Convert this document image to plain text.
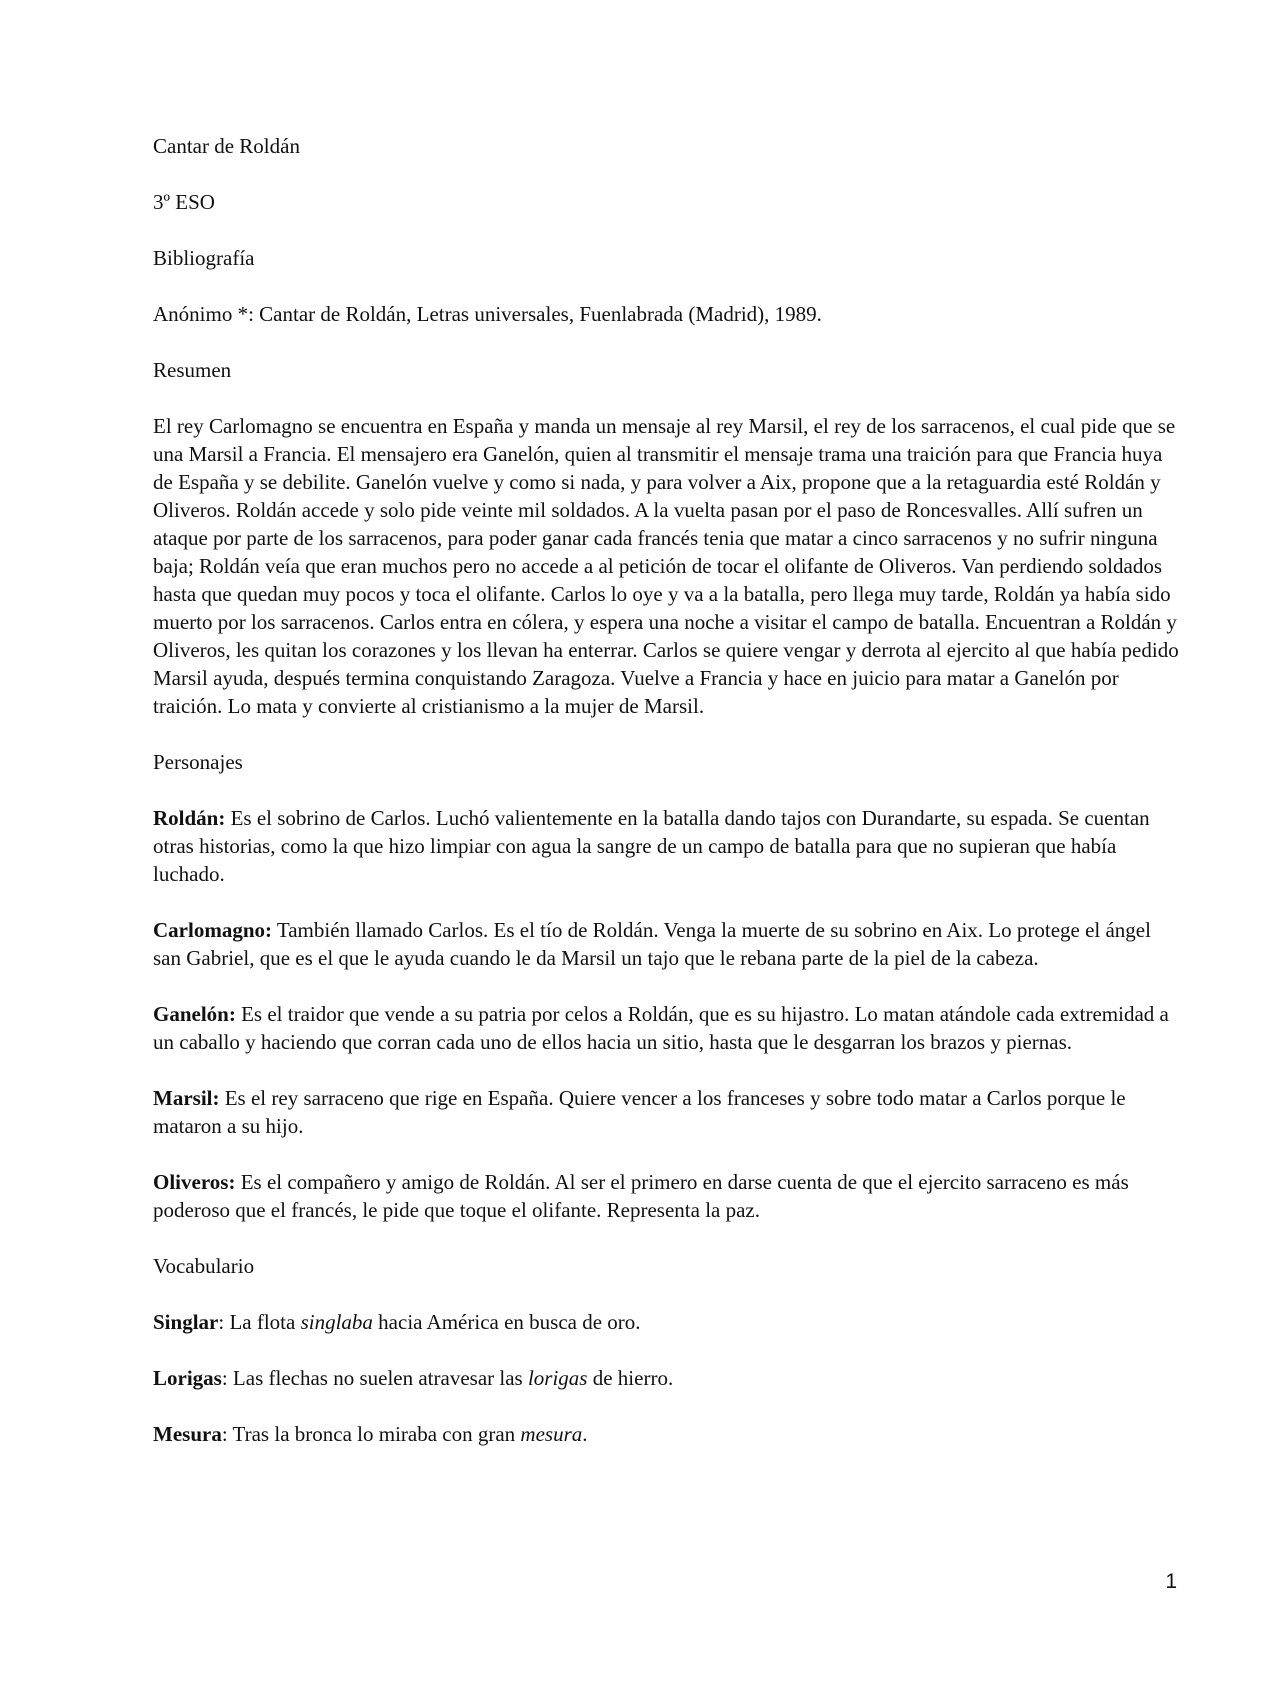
Cantar de Roldán

3º ESO

Bibliografía

Anónimo *: Cantar de Roldán, Letras universales, Fuenlabrada (Madrid), 1989.

Resumen

El rey Carlomagno se encuentra en España y manda un mensaje al rey Marsil, el rey de los sarracenos, el cual pide que se una Marsil a Francia. El mensajero era Ganelón, quien al transmitir el mensaje trama una traición para que Francia huya de España y se debilite. Ganelón vuelve y como si nada, y para volver a Aix, propone que a la retaguardia esté Roldán y Oliveros. Roldán accede y solo pide veinte mil soldados. A la vuelta pasan por el paso de Roncesvalles. Allí sufren un ataque por parte de los sarracenos, para poder ganar cada francés tenia que matar a cinco sarracenos y no sufrir ninguna baja; Roldán veía que eran muchos pero no accede a al petición de tocar el olifante de Oliveros. Van perdiendo soldados hasta que quedan muy pocos y toca el olifante. Carlos lo oye y va a la batalla, pero llega muy tarde, Roldán ya había sido muerto por los sarracenos. Carlos entra en cólera, y espera una noche a visitar el campo de batalla. Encuentran a Roldán y Oliveros, les quitan los corazones y los llevan ha enterrar. Carlos se quiere vengar y derrota al ejercito al que había pedido Marsil ayuda, después termina conquistando Zaragoza. Vuelve a Francia y hace en juicio para matar a Ganelón por traición. Lo mata y convierte al cristianismo a la mujer de Marsil.

Personajes

Roldán: Es el sobrino de Carlos. Luchó valientemente en la batalla dando tajos con Durandarte, su espada. Se cuentan otras historias, como la que hizo limpiar con agua la sangre de un campo de batalla para que no supieran que había luchado.

Carlomagno: También llamado Carlos. Es el tío de Roldán. Venga la muerte de su sobrino en Aix. Lo protege el ángel san Gabriel, que es el que le ayuda cuando le da Marsil un tajo que le rebana parte de la piel de la cabeza.

Ganelón: Es el traidor que vende a su patria por celos a Roldán, que es su hijastro. Lo matan atándole cada extremidad a un caballo y haciendo que corran cada uno de ellos hacia un sitio, hasta que le desgarran los brazos y piernas.

Marsil: Es el rey sarraceno que rige en España. Quiere vencer a los franceses y sobre todo matar a Carlos porque le mataron a su hijo.

Oliveros: Es el compañero y amigo de Roldán. Al ser el primero en darse cuenta de que el ejercito sarraceno es más poderoso que el francés, le pide que toque el olifante. Representa la paz.

Vocabulario

Singlar: La flota singlaba hacia América en busca de oro.

Lorigas: Las flechas no suelen atravesar las lorigas de hierro.

Mesura: Tras la bronca lo miraba con gran mesura.

1
